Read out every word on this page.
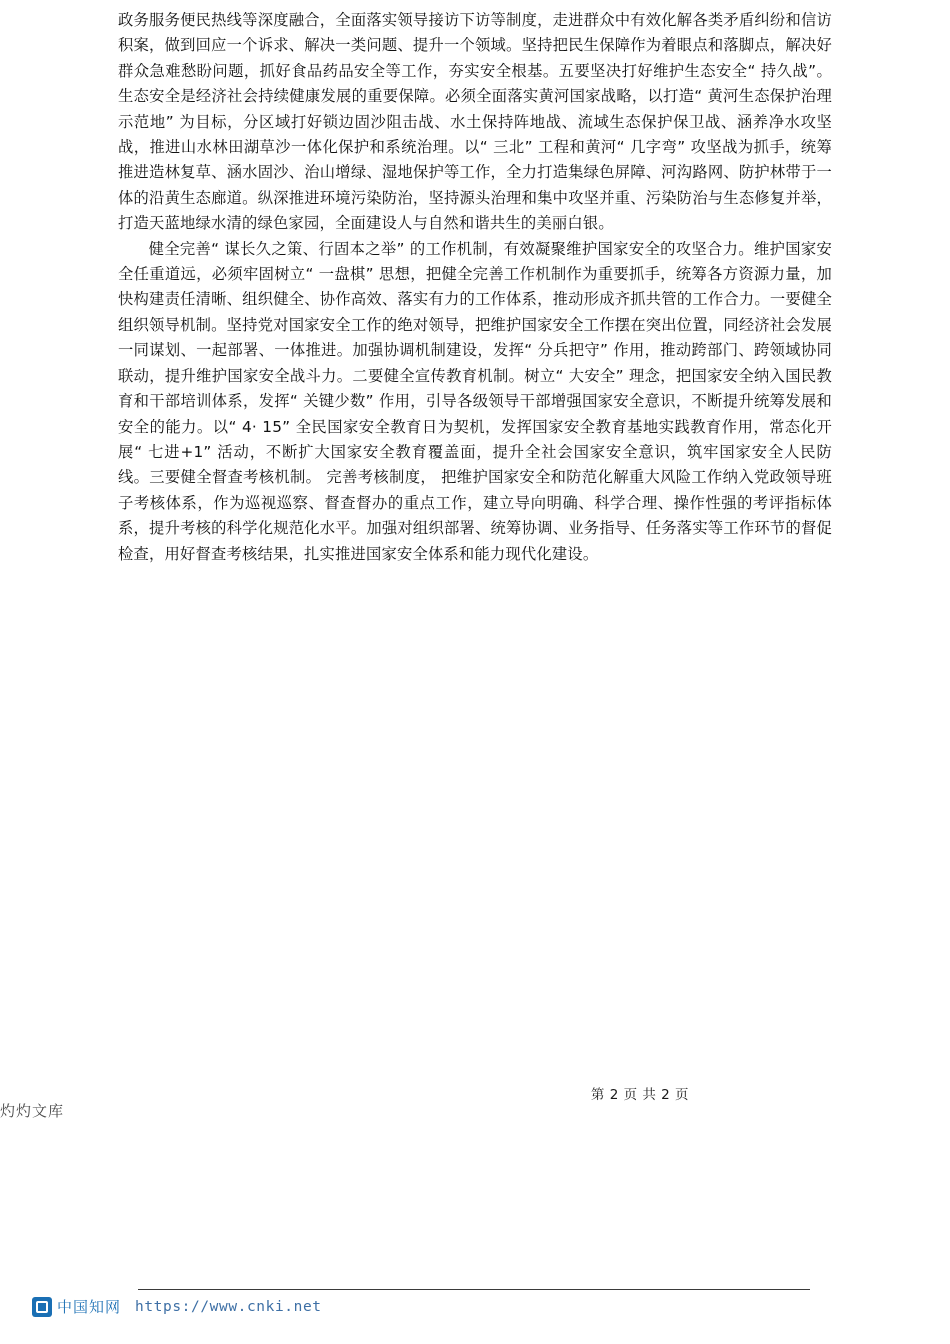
政务服务便民热线等深度融合，全面落实领导接访下访等制度，走进群众中有效化解各类矛盾纠纷和信访积案，做到回应一个诉求、解决一类问题、提升一个领域。坚持把民生保障作为着眼点和落脚点，解决好群众急难愁盼问题，抓好食品药品安全等工作，夯实安全根基。五要坚决打好维护生态安全“ 持久战”。生态安全是经济社会持续健康发展的重要保障。必须全面落实黄河国家战略，以打造“ 黄河生态保护治理示范地” 为目标，分区域打好锁边固沙阻击战、水土保持阵地战、流域生态保护保卫战、涵养净水攻坚战，推进山水林田湖草沙一体化保护和系统治理。以“ 三北” 工程和黄河“ 几字弯” 攻坚战为抓手，统筹推进造林复草、涵水固沙、治山增绿、湿地保护等工作，全力打造集绿色屏障、河沟路网、防护林带于一体的沿黄生态廊道。纵深推进环境污染防治，坚持源头治理和集中攻坚并重、污染防治与生态修复并举，打造天蓝地绿水清的绿色家园，全面建设人与自然和谐共生的美丽白银。

健全完善“ 谋长久之策、行固本之举” 的工作机制，有效凝聚维护国家安全的攻坚合力。维护国家安全任重道远，必须牢固树立“ 一盘棋” 思想，把健全完善工作机制作为重要抓手，统筹各方资源力量，加快构建责任清晰、组织健全、协作高效、落实有力的工作体系，推动形成齐抓共管的工作合力。一要健全组织领导机制。坚持党对国家安全工作的绝对领导，把维护国家安全工作摆在突出位置，同经济社会发展一同谋划、一起部署、一体推进。加强协调机制建设，发挥“ 分兵把守” 作用，推动跨部门、跨领域协同联动，提升维护国家安全战斗力。二要健全宣传教育机制。树立“ 大安全” 理念，把国家安全纳入国民教育和干部培训体系，发挥“ 关键少数” 作用，引导各级领导干部增强国家安全意识，不断提升统筹发展和安全的能力。以“ 4· 15” 全民国家安全教育日为契机，发挥国家安全教育基地实践教育作用，常态化开展“ 七进+1” 活动，不断扩大国家安全教育覆盖面，提升全社会国家安全意识，筑牢国家安全人民防线。三要健全督查考核机制。 完善考核制度， 把维护国家安全和防范化解重大风险工作纳入党政领导班子考核体系，作为巡视巡察、督查督办的重点工作，建立导向明确、科学合理、操作性强的考评指标体系，提升考核的科学化规范化水平。加强对组织部署、统筹协调、业务指导、任务落实等工作环节的督促检查，用好督查考核结果，扎实推进国家安全体系和能力现代化建设。

第 2 页 共 2 页
灼灼文库
中国知网 https://www.cnki.net
